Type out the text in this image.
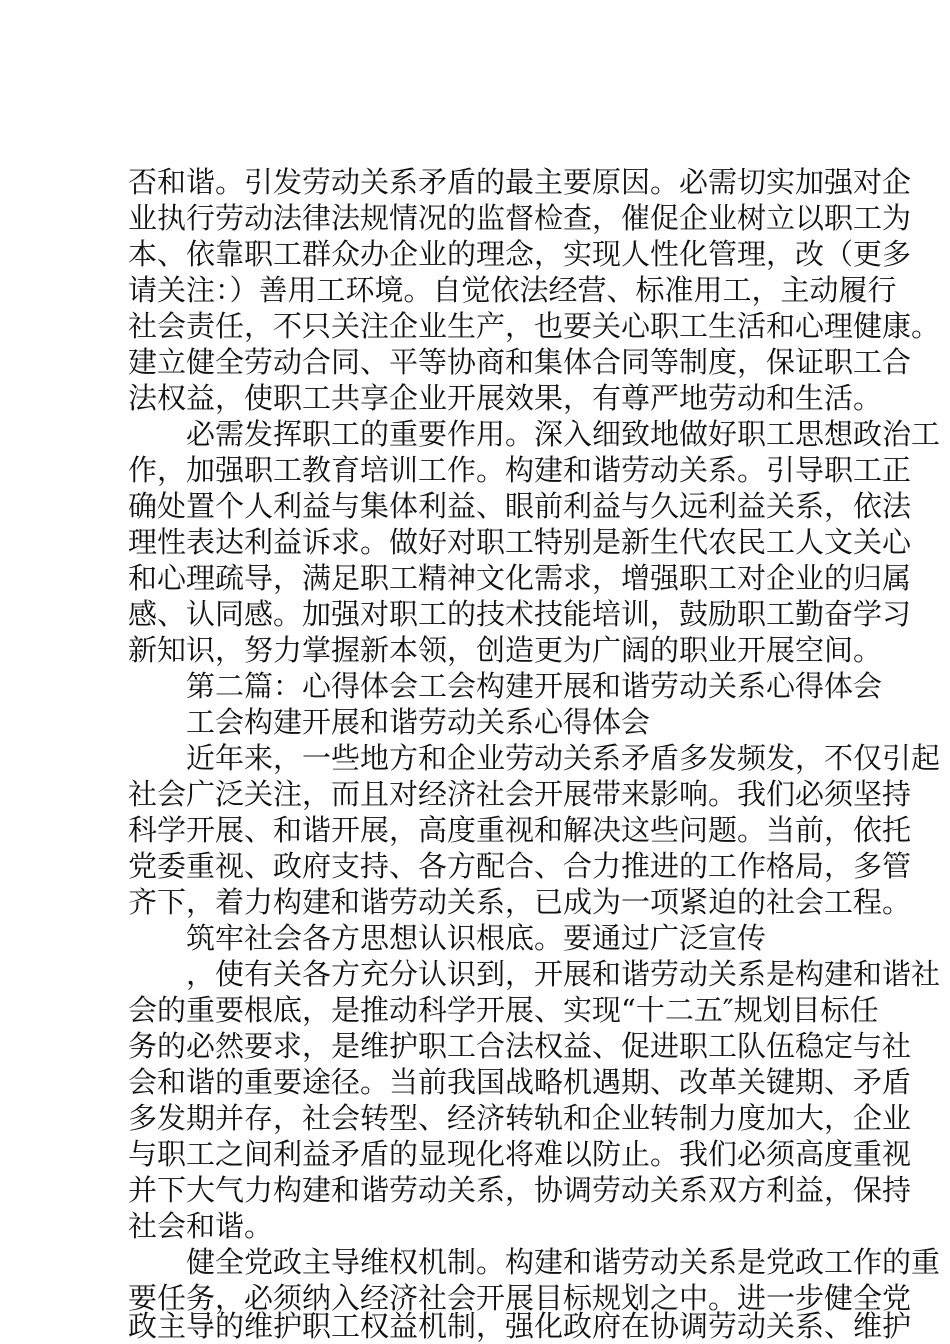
否和谐。引发劳动关系矛盾的最主要原因。必需切实加强对企
业执行劳动法律法规情况的监督检查，催促企业树立以职工为
本、依靠职工群众办企业的理念，实现人性化管理，改（更多
请关注：）善用工环境。自觉依法经营、标准用工，主动履行
社会责任，不只关注企业生产，也要关心职工生活和心理健康。
建立健全劳动合同、平等协商和集体合同等制度，保证职工合
法权益，使职工共享企业开展效果，有尊严地劳动和生活。
　　必需发挥职工的重要作用。深入细致地做好职工思想政治工
作，加强职工教育培训工作。构建和谐劳动关系。引导职工正
确处置个人利益与集体利益、眼前利益与久远利益关系，依法
理性表达利益诉求。做好对职工特别是新生代农民工人文关心
和心理疏导，满足职工精神文化需求，增强职工对企业的归属
感、认同感。加强对职工的技术技能培训，鼓励职工勤奋学习
新知识，努力掌握新本领，创造更为广阔的职业开展空间。
　　第二篇：心得体会工会构建开展和谐劳动关系心得体会
　　工会构建开展和谐劳动关系心得体会
　　近年来，一些地方和企业劳动关系矛盾多发频发，不仅引起
社会广泛关注，而且对经济社会开展带来影响。我们必须坚持
科学开展、和谐开展，高度重视和解决这些问题。当前，依托
党委重视、政府支持、各方配合、合力推进的工作格局，多管
齐下，着力构建和谐劳动关系，已成为一项紧迫的社会工程。
　　筑牢社会各方思想认识根底。要通过广泛宣传
　　，使有关各方充分认识到，开展和谐劳动关系是构建和谐社
会的重要根底，是推动科学开展、实现“十二五″规划目标任
务的必然要求，是维护职工合法权益、促进职工队伍稳定与社
会和谐的重要途径。当前我国战略机遇期、改革关键期、矛盾
多发期并存，社会转型、经济转轨和企业转制力度加大，企业
与职工之间利益矛盾的显现化将难以防止。我们必须高度重视
并下大气力构建和谐劳动关系，协调劳动关系双方利益，保持
社会和谐。
　　健全党政主导维权机制。构建和谐劳动关系是党政工作的重
要任务，必须纳入经济社会开展目标规划之中。进一步健全党
政主导的维护职工权益机制，强化政府在协调劳动关系、维护
